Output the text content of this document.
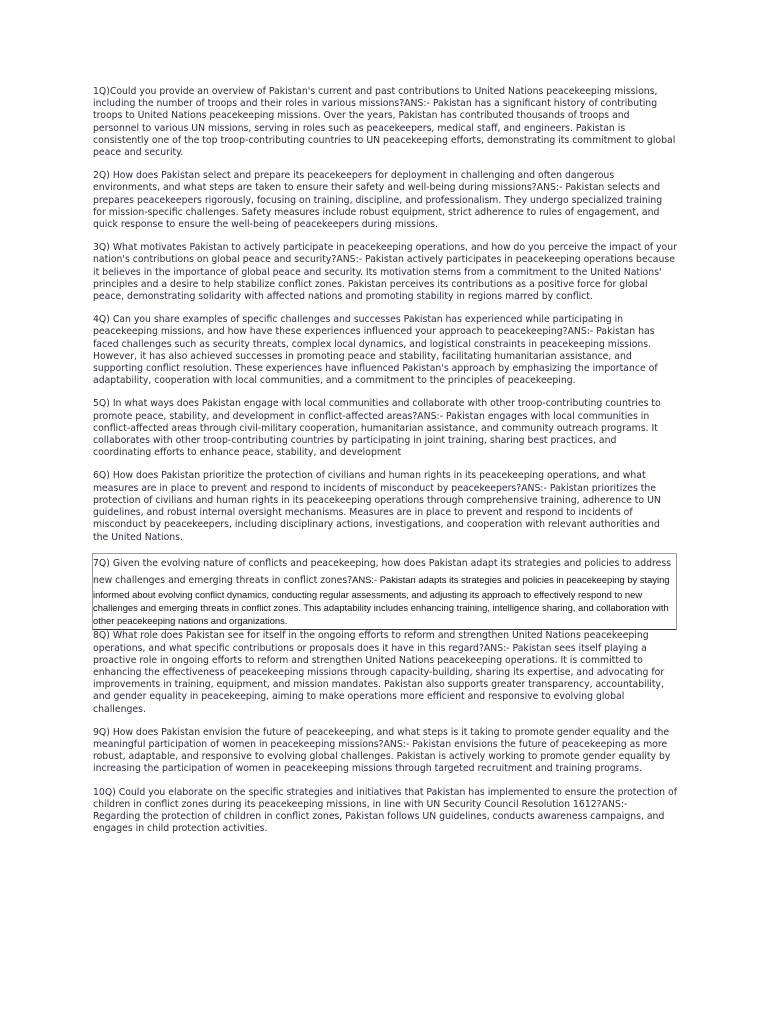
1Q)Could you provide an overview of Pakistan's current and past contributions to United Nations peacekeeping missions, including the number of troops and their roles in various missions?ANS:- Pakistan has a significant history of contributing troops to United Nations peacekeeping missions. Over the years, Pakistan has contributed thousands of troops and personnel to various UN missions, serving in roles such as peacekeepers, medical staff, and engineers. Pakistan is consistently one of the top troop-contributing countries to UN peacekeeping efforts, demonstrating its commitment to global peace and security.

2Q) How does Pakistan select and prepare its peacekeepers for deployment in challenging and often dangerous environments, and what steps are taken to ensure their safety and well-being during missions?ANS:- Pakistan selects and prepares peacekeepers rigorously, focusing on training, discipline, and professionalism. They undergo specialized training for mission-specific challenges. Safety measures include robust equipment, strict adherence to rules of engagement, and quick response to ensure the well-being of peacekeepers during missions.

3Q) What motivates Pakistan to actively participate in peacekeeping operations, and how do you perceive the impact of your nation's contributions on global peace and security?ANS:- Pakistan actively participates in peacekeeping operations because it believes in the importance of global peace and security. Its motivation stems from a commitment to the United Nations' principles and a desire to help stabilize conflict zones. Pakistan perceives its contributions as a positive force for global peace, demonstrating solidarity with affected nations and promoting stability in regions marred by conflict.

4Q) Can you share examples of specific challenges and successes Pakistan has experienced while participating in peacekeeping missions, and how have these experiences influenced your approach to peacekeeping?ANS:- Pakistan has faced challenges such as security threats, complex local dynamics, and logistical constraints in peacekeeping missions. However, it has also achieved successes in promoting peace and stability, facilitating humanitarian assistance, and supporting conflict resolution. These experiences have influenced Pakistan's approach by emphasizing the importance of adaptability, cooperation with local communities, and a commitment to the principles of peacekeeping.

5Q) In what ways does Pakistan engage with local communities and collaborate with other troop-contributing countries to promote peace, stability, and development in conflict-affected areas?ANS:- Pakistan engages with local communities in conflict-affected areas through civil-military cooperation, humanitarian assistance, and community outreach programs. It collaborates with other troop-contributing countries by participating in joint training, sharing best practices, and coordinating efforts to enhance peace, stability, and development

6Q) How does Pakistan prioritize the protection of civilians and human rights in its peacekeeping operations, and what measures are in place to prevent and respond to incidents of misconduct by peacekeepers?ANS:- Pakistan prioritizes the protection of civilians and human rights in its peacekeeping operations through comprehensive training, adherence to UN guidelines, and robust internal oversight mechanisms. Measures are in place to prevent and respond to incidents of misconduct by peacekeepers, including disciplinary actions, investigations, and cooperation with relevant authorities and the United Nations.

7Q) Given the evolving nature of conflicts and peacekeeping, how does Pakistan adapt its strategies and policies to address new challenges and emerging threats in conflict zones?ANS:- Pakistan adapts its strategies and policies in peacekeeping by staying informed about evolving conflict dynamics, conducting regular assessments, and adjusting its approach to effectively respond to new challenges and emerging threats in conflict zones. This adaptability includes enhancing training, intelligence sharing, and collaboration with other peacekeeping nations and organizations.

8Q) What role does Pakistan see for itself in the ongoing efforts to reform and strengthen United Nations peacekeeping operations, and what specific contributions or proposals does it have in this regard?ANS:- Pakistan sees itself playing a proactive role in ongoing efforts to reform and strengthen United Nations peacekeeping operations. It is committed to enhancing the effectiveness of peacekeeping missions through capacity-building, sharing its expertise, and advocating for improvements in training, equipment, and mission mandates. Pakistan also supports greater transparency, accountability, and gender equality in peacekeeping, aiming to make operations more efficient and responsive to evolving global challenges.

9Q) How does Pakistan envision the future of peacekeeping, and what steps is it taking to promote gender equality and the meaningful participation of women in peacekeeping missions?ANS:- Pakistan envisions the future of peacekeeping as more robust, adaptable, and responsive to evolving global challenges. Pakistan is actively working to promote gender equality by increasing the participation of women in peacekeeping missions through targeted recruitment and training programs.

10Q) Could you elaborate on the specific strategies and initiatives that Pakistan has implemented to ensure the protection of children in conflict zones during its peacekeeping missions, in line with UN Security Council Resolution 1612?ANS:- Regarding the protection of children in conflict zones, Pakistan follows UN guidelines, conducts awareness campaigns, and engages in child protection activities.
